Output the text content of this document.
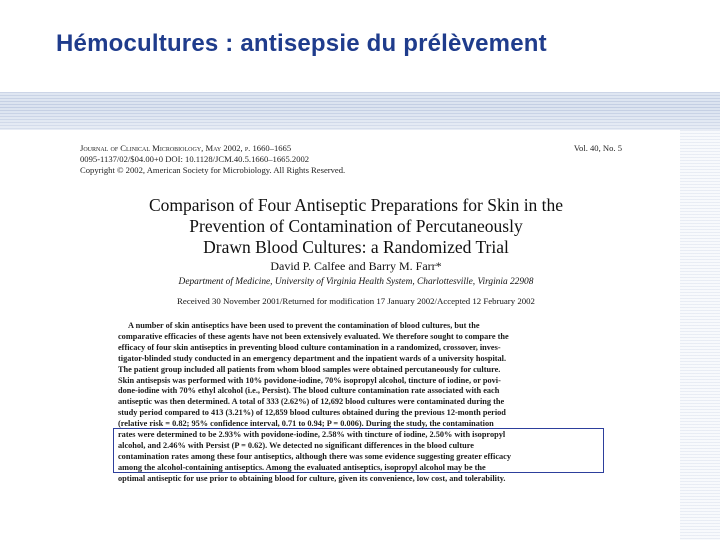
Hémocultures : antisepsie du prélèvement
Journal of Clinical Microbiology, May 2002, p. 1660–1665
0095-1137/02/$04.00+0 DOI: 10.1128/JCM.40.5.1660–1665.2002
Copyright © 2002, American Society for Microbiology. All Rights Reserved.
Vol. 40, No. 5
Comparison of Four Antiseptic Preparations for Skin in the
Prevention of Contamination of Percutaneously
Drawn Blood Cultures: a Randomized Trial
David P. Calfee and Barry M. Farr*
Department of Medicine, University of Virginia Health System, Charlottesville, Virginia 22908
Received 30 November 2001/Returned for modification 17 January 2002/Accepted 12 February 2002
A number of skin antiseptics have been used to prevent the contamination of blood cultures, but the
comparative efficacies of these agents have not been extensively evaluated. We therefore sought to compare the
efficacy of four skin antiseptics in preventing blood culture contamination in a randomized, crossover, inves-
tigator-blinded study conducted in an emergency department and the inpatient wards of a university hospital.
The patient group included all patients from whom blood samples were obtained percutaneously for culture.
Skin antisepsis was performed with 10% povidone-iodine, 70% isopropyl alcohol, tincture of iodine, or povi-
done-iodine with 70% ethyl alcohol (i.e., Persist). The blood culture contamination rate associated with each
antiseptic was then determined. A total of 333 (2.62%) of 12,692 blood cultures were contaminated during the
study period compared to 413 (3.21%) of 12,859 blood cultures obtained during the previous 12-month period
(relative risk = 0.82; 95% confidence interval, 0.71 to 0.94; P = 0.006). During the study, the contamination
rates were determined to be 2.93% with povidone-iodine, 2.58% with tincture of iodine, 2.50% with isopropyl
alcohol, and 2.46% with Persist (P = 0.62). We detected no significant differences in the blood culture
contamination rates among these four antiseptics, although there was some evidence suggesting greater efficacy
among the alcohol-containing antiseptics. Among the evaluated antiseptics, isopropyl alcohol may be the
optimal antiseptic for use prior to obtaining blood for culture, given its convenience, low cost, and tolerability.
